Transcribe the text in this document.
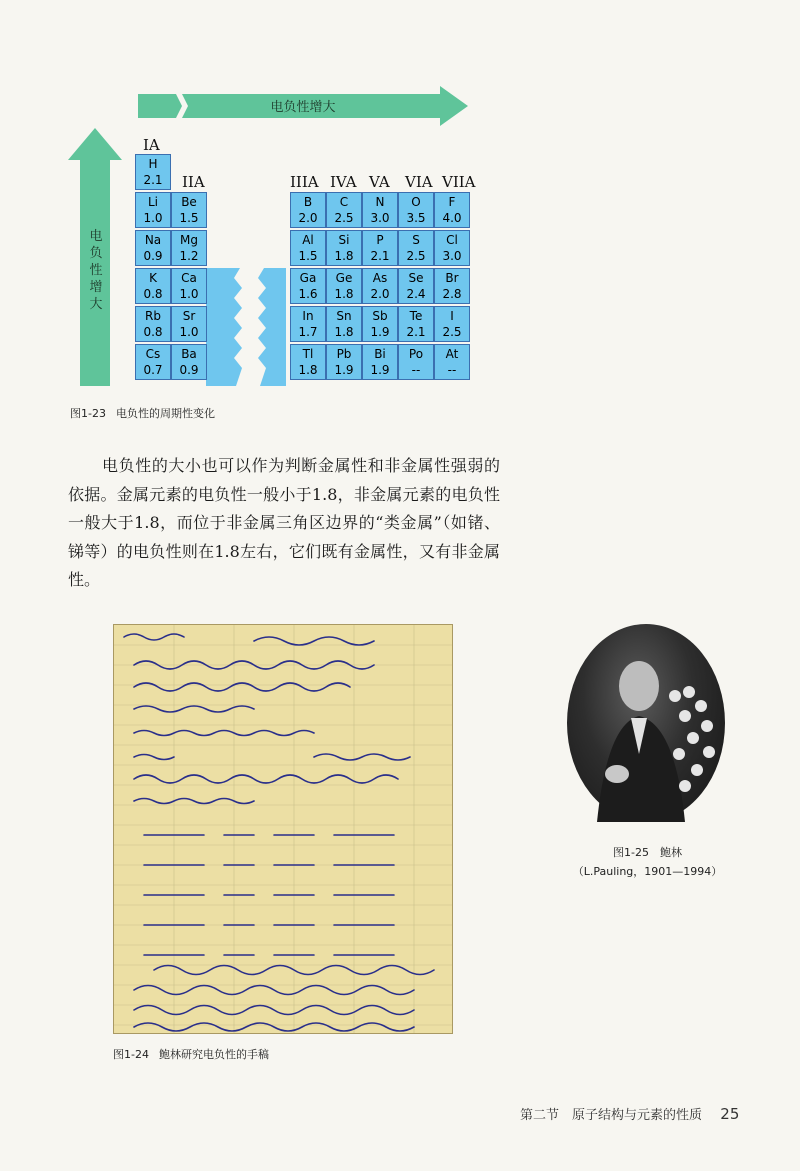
电负性增大
电负性增大
IA
IIA	IIIA IVA VA VIA VIIA
H
2.1
Li
1.0
Be
1.5
Na
0.9
Mg
1.2
K
0.8
Ca
1.0
Rb
0.8
Sr
1.0
Cs
0.7
Ba
0.9
B
2.0
C
2.5
N
3.0
O
3.5
F
4.0
Al
1.5
Si
1.8
P
2.1
S
2.5
Cl
3.0
Ga
1.6
Ge
1.8
As
2.0
Se
2.4
Br
2.8
In
1.7
Sn
1.8
Sb
1.9
Te
2.1
I
2.5
Tl
1.8
Pb
1.9
Bi
1.9
Po
--
At
--
图1-23 电负性的周期性变化
电负性的大小也可以作为判断金属性和非金属性强弱的依据。金属元素的电负性一般小于1.8，非金属元素的电负性一般大于1.8，而位于非金属三角区边界的“类金属”（如锗、锑等）的电负性则在1.8左右，它们既有金属性，又有非金属性。
图1-24 鲍林研究电负性的手稿
图1-25　鲍林
（L.Pauling，1901—1994）
第二节　原子结构与元素的性质 25
